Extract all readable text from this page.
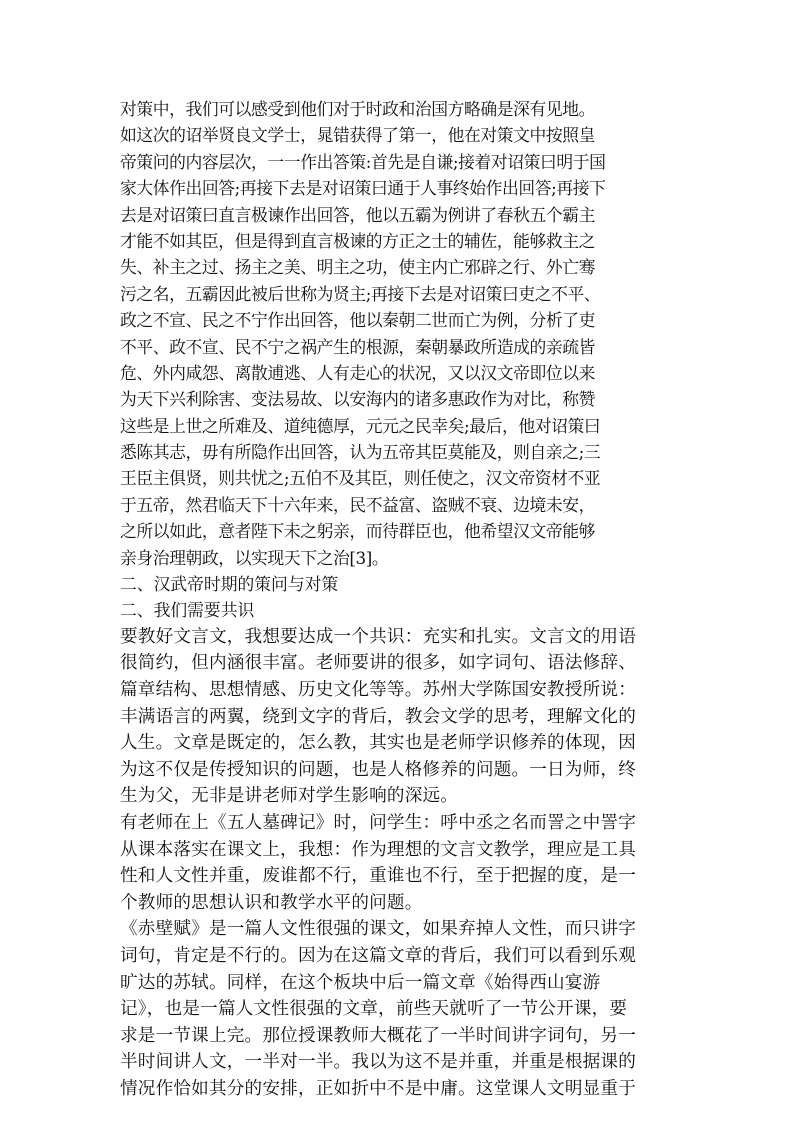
对策中，我们可以感受到他们对于时政和治国方略确是深有见地。
如这次的诏举贤良文学士，晁错获得了第一，他在对策文中按照皇
帝策问的内容层次，一一作出答策:首先是自谦;接着对诏策曰明于国
家大体作出回答;再接下去是对诏策曰通于人事终始作出回答;再接下
去是对诏策曰直言极谏作出回答，他以五霸为例讲了春秋五个霸主
才能不如其臣，但是得到直言极谏的方正之士的辅佐，能够救主之
失、补主之过、扬主之美、明主之功，使主内亡邪辟之行、外亡骞
污之名，五霸因此被后世称为贤主;再接下去是对诏策曰吏之不平、
政之不宣、民之不宁作出回答，他以秦朝二世而亡为例，分析了吏
不平、政不宣、民不宁之祸产生的根源，秦朝暴政所造成的亲疏皆
危、外内咸怨、离散逋逃、人有走心的状况，又以汉文帝即位以来
为天下兴利除害、变法易故、以安海内的诸多惠政作为对比，称赞
这些是上世之所难及、道纯德厚，元元之民幸矣;最后，他对诏策曰
悉陈其志，毋有所隐作出回答，认为五帝其臣莫能及，则自亲之;三
王臣主俱贤，则共忧之;五伯不及其臣，则任使之，汉文帝资材不亚
于五帝，然君临天下十六年来，民不益富、盗贼不衰、边境未安，
之所以如此，意者陛下未之躬亲，而待群臣也，他希望汉文帝能够
亲身治理朝政，以实现天下之治[3]。
二、汉武帝时期的策问与对策
二、我们需要共识
要教好文言文，我想要达成一个共识：充实和扎实。文言文的用语
很简约，但内涵很丰富。老师要讲的很多，如字词句、语法修辞、
篇章结构、思想情感、历史文化等等。苏州大学陈国安教授所说：
丰满语言的两翼，绕到文字的背后，教会文学的思考，理解文化的
人生。文章是既定的，怎么教，其实也是老师学识修养的体现，因
为这不仅是传授知识的问题，也是人格修养的问题。一日为师，终
生为父，无非是讲老师对学生影响的深远。
有老师在上《五人墓碑记》时，问学生：呼中丞之名而詈之中詈字
从课本落实在课文上，我想：作为理想的文言文教学，理应是工具
性和人文性并重，废谁都不行，重谁也不行，至于把握的度，是一
个教师的思想认识和教学水平的问题。
《赤壁赋》是一篇人文性很强的课文，如果弃掉人文性，而只讲字
词句，肯定是不行的。因为在这篇文章的背后，我们可以看到乐观
旷达的苏轼。同样，在这个板块中后一篇文章《始得西山宴游
记》，也是一篇人文性很强的文章，前些天就听了一节公开课，要
求是一节课上完。那位授课教师大概花了一半时间讲字词句，另一
半时间讲人文，一半对一半。我以为这不是并重，并重是根据课的
情况作恰如其分的安排，正如折中不是中庸。这堂课人文明显重于
